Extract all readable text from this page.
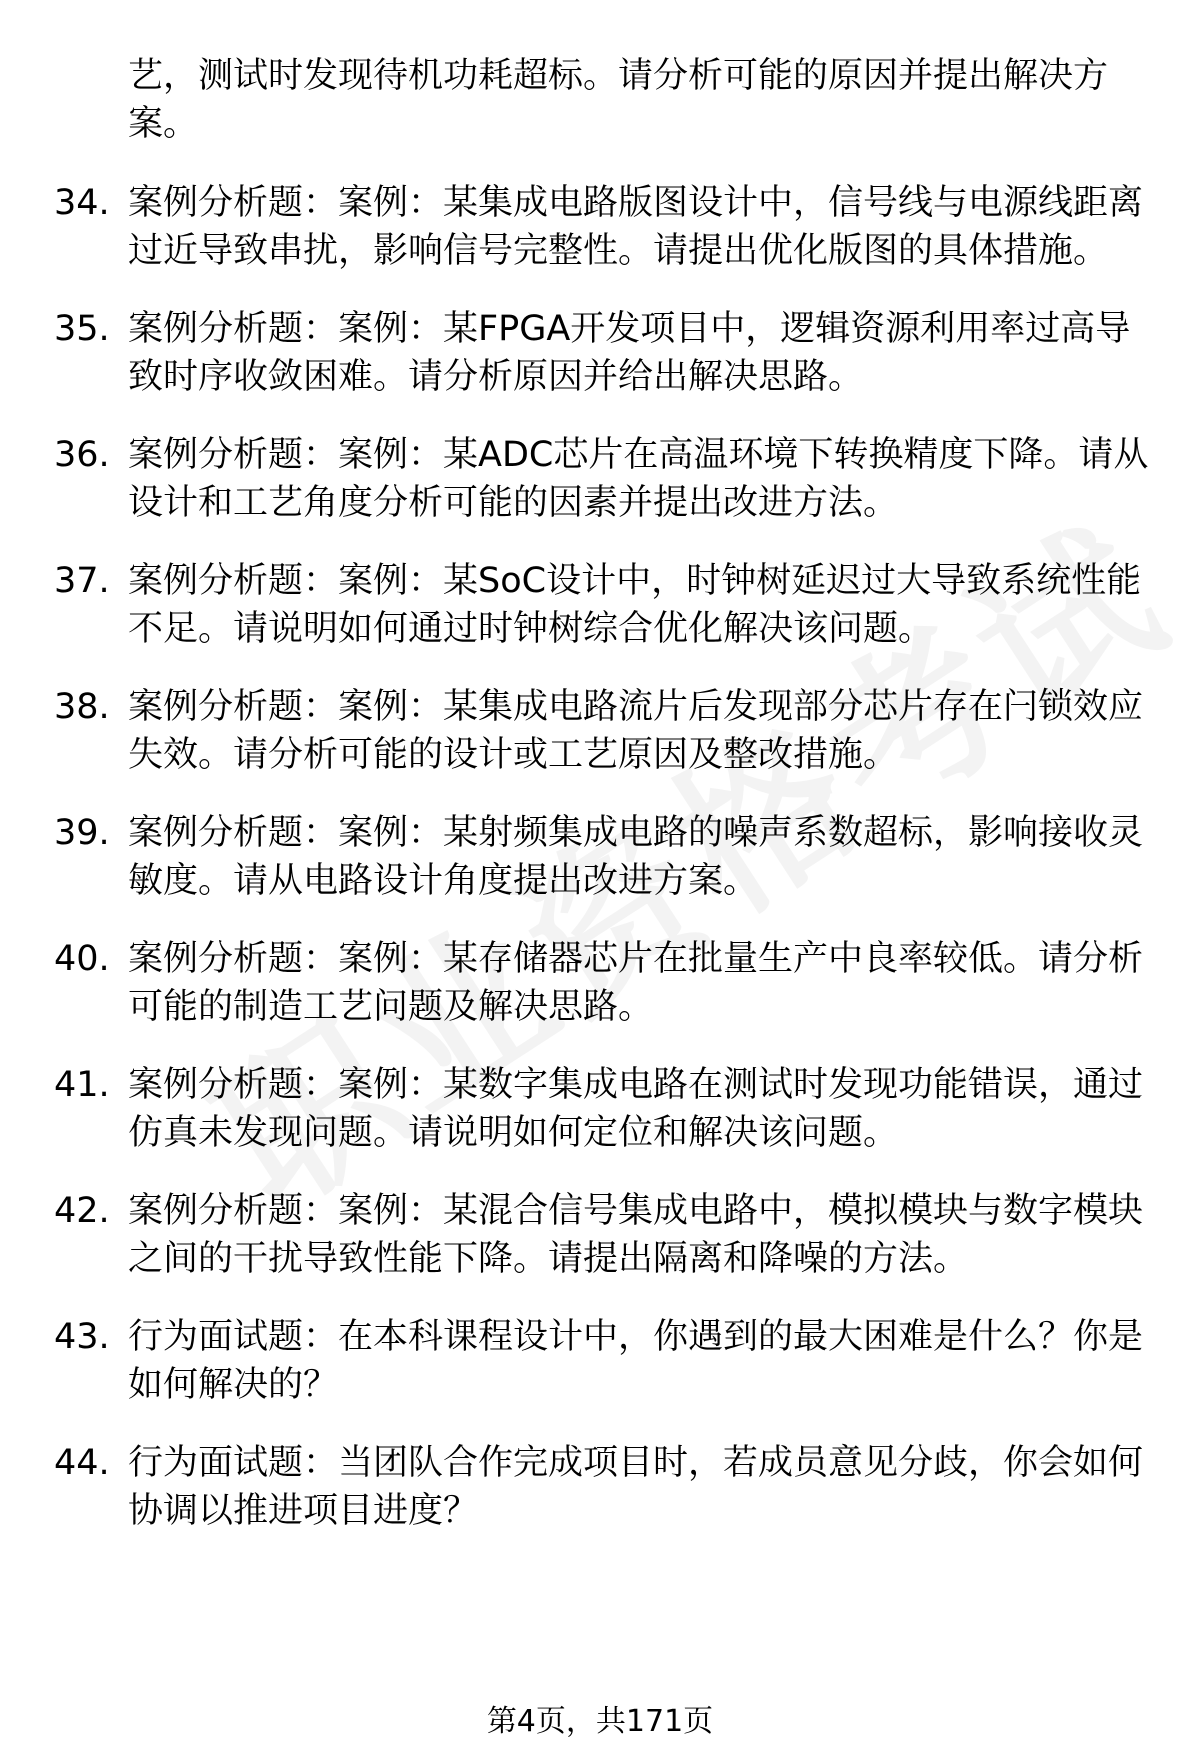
艺，测试时发现待机功耗超标。请分析可能的原因并提出解决方案。
34. 案例分析题：案例：某集成电路版图设计中，信号线与电源线距离过近导致串扰，影响信号完整性。请提出优化版图的具体措施。
35. 案例分析题：案例：某FPGA开发项目中，逻辑资源利用率过高导致时序收敛困难。请分析原因并给出解决思路。
36. 案例分析题：案例：某ADC芯片在高温环境下转换精度下降。请从设计和工艺角度分析可能的因素并提出改进方法。
37. 案例分析题：案例：某SoC设计中，时钟树延迟过大导致系统性能不足。请说明如何通过时钟树综合优化解决该问题。
38. 案例分析题：案例：某集成电路流片后发现部分芯片存在闩锁效应失效。请分析可能的设计或工艺原因及整改措施。
39. 案例分析题：案例：某射频集成电路的噪声系数超标，影响接收灵敏度。请从电路设计角度提出改进方案。
40. 案例分析题：案例：某存储器芯片在批量生产中良率较低。请分析可能的制造工艺问题及解决思路。
41. 案例分析题：案例：某数字集成电路在测试时发现功能错误，通过仿真未发现问题。请说明如何定位和解决该问题。
42. 案例分析题：案例：某混合信号集成电路中，模拟模块与数字模块之间的干扰导致性能下降。请提出隔离和降噪的方法。
43. 行为面试题：在本科课程设计中，你遇到的最大困难是什么？你是如何解决的？
44. 行为面试题：当团队合作完成项目时，若成员意见分歧，你会如何协调以推进项目进度？
第4页，共171页
